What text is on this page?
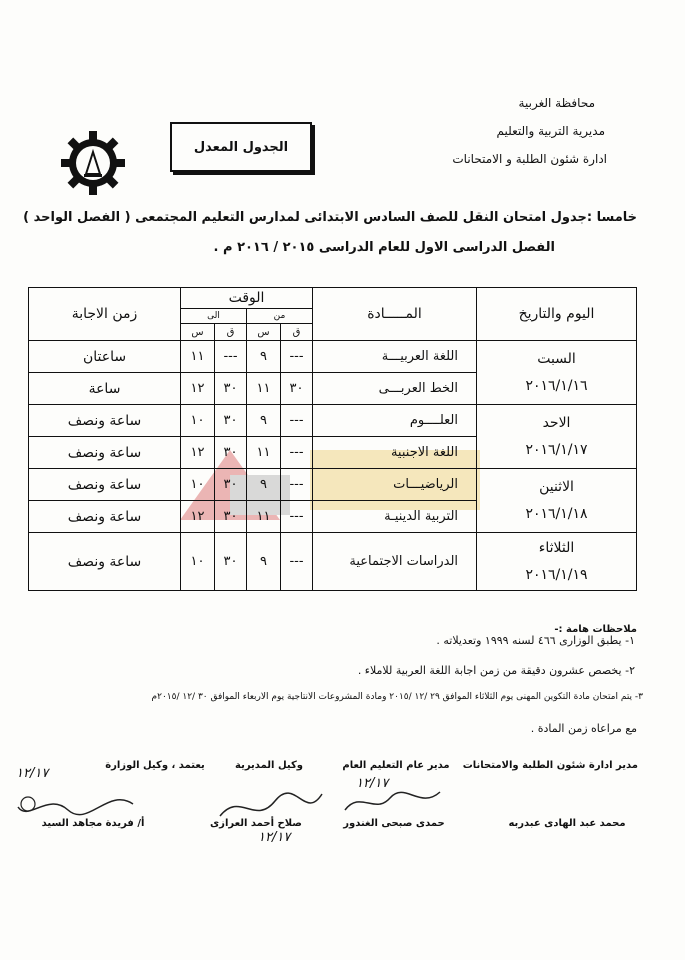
محافظة الغربية
مديرية التربية والتعليم
ادارة شئون الطلبة و الامتحانات
الجدول المعدل
خامسا :جدول امتحان النقل للصف السادس الابتدائى لمدارس التعليم المجتمعى ( الفصل الواحد )
الفصل الدراسى الاول للعام الدراسى ٢٠١٥ / ٢٠١٦ م .
اليوم والتاريخ	المـــــادة	الوقت				زمن الاجابة
		من		الى		
		ق	س	ق	س	

السبت
٢٠١٦/١/١٦	اللغة العربيـــة	---	٩	---	١١	ساعتان
	الخط العربـــى	٣٠	١١	٣٠	١٢	ساعة

الاحد
٢٠١٦/١/١٧	العلــــوم	---	٩	٣٠	١٠	ساعة ونصف
	اللغة الاجنبية	---	١١	٣٠	١٢	ساعة ونصف

الاثنين
٢٠١٦/١/١٨	الرياضيـــات	---	٩	٣٠	١٠	ساعة ونصف
	التربية الدينيـة	---	١١	٣٠	١٢	ساعة ونصف

الثلاثاء
٢٠١٦/١/١٩	الدراسات الاجتماعية	---	٩	٣٠	١٠	ساعة ونصف
ملاحظات هامة :-
١- يطبق الوزارى ٤٦٦ لسنه ١٩٩٩ وتعديلاته .
٢- يخصص عشرون دقيقة من زمن اجابة اللغة العربية للاملاء .
٣- يتم امتحان مادة التكوين المهنى يوم الثلاثاء الموافق ٢٩ /١٢ /٢٠١٥ ومادة المشروعات الانتاجية يوم الاربعاء الموافق ٣٠ /١٢ /٢٠١٥م
مع مراعاه زمن المادة .
مدير ادارة شئون الطلبة والامتحانات
مدير عام التعليم العام
وكيل المديرية
يعتمد ، وكيل الوزارة
١٢/١٧
١٢/١٧
١٢/١٧
محمد عبد الهادى عبدربه
حمدى صبحى الغندور
صلاح أحمد العرازى
أ/ فريدة مجاهد السيد
